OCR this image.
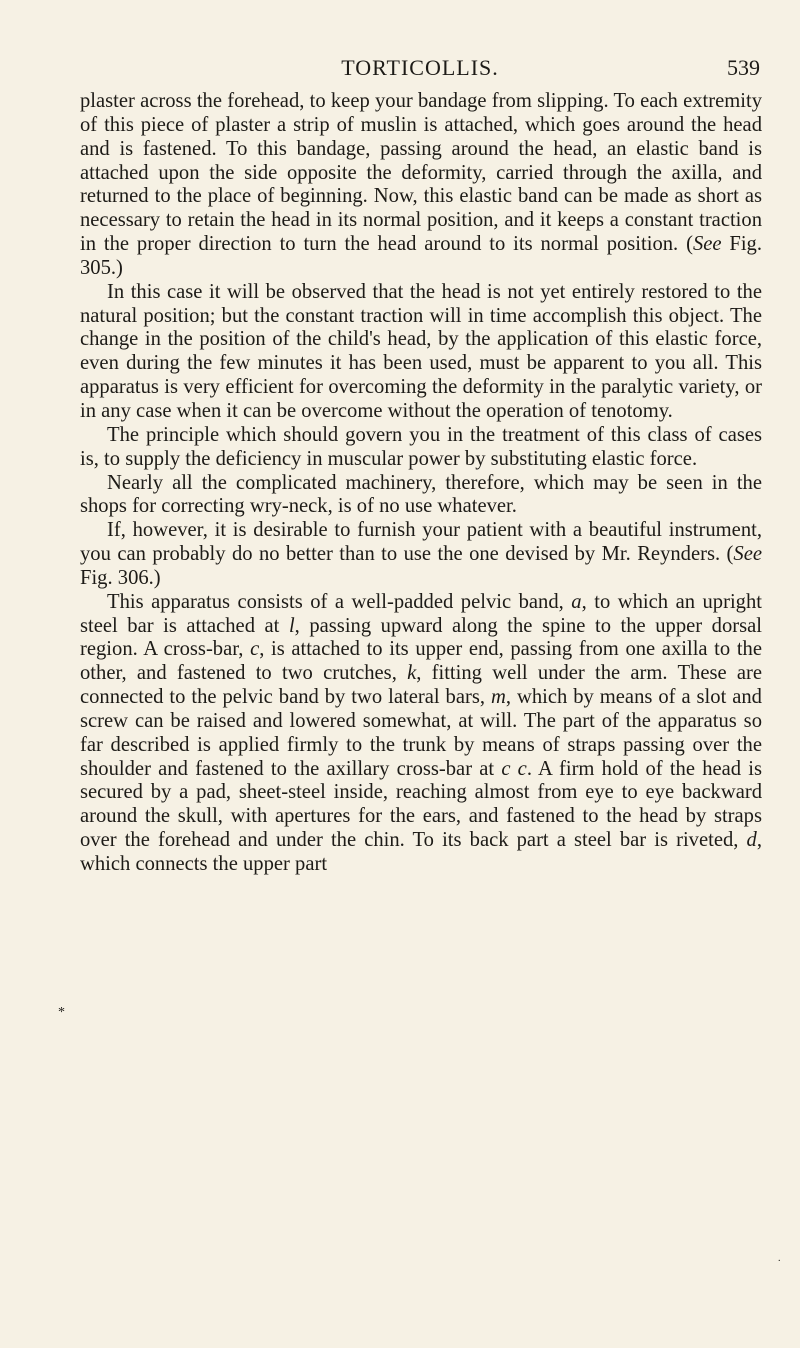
TORTICOLLIS.	539

plaster across the forehead, to keep your bandage from slipping. To each extremity of this piece of plaster a strip of muslin is attached, which goes around the head and is fastened. To this bandage, passing around the head, an elastic band is attached upon the side opposite the deformity, carried through the axilla, and returned to the place of beginning. Now, this elastic band can be made as short as necessary to retain the head in its normal position, and it keeps a constant traction in the proper direction to turn the head around to its normal position. (See Fig. 305.)

In this case it will be observed that the head is not yet entirely restored to the natural position; but the constant traction will in time accomplish this object. The change in the position of the child's head, by the application of this elastic force, even during the few minutes it has been used, must be apparent to you all. This apparatus is very efficient for overcoming the deformity in the paralytic variety, or in any case when it can be overcome without the operation of tenotomy.

The principle which should govern you in the treatment of this class of cases is, to supply the deficiency in muscular power by substituting elastic force.

Nearly all the complicated machinery, therefore, which may be seen in the shops for correcting wry-neck, is of no use whatever.

If, however, it is desirable to furnish your patient with a beautiful instrument, you can probably do no better than to use the one devised by Mr. Reynders. (See Fig. 306.)

This apparatus consists of a well-padded pelvic band, a, to which an upright steel bar is attached at l, passing upward along the spine to the upper dorsal region. A cross-bar, c, is attached to its upper end, passing from one axilla to the other, and fastened to two crutches, k, fitting well under the arm. These are connected to the pelvic band by two lateral bars, m, which by means of a slot and screw can be raised and lowered somewhat, at will. The part of the apparatus so far described is applied firmly to the trunk by means of straps passing over the shoulder and fastened to the axillary cross-bar at c c. A firm hold of the head is secured by a pad, sheet-steel inside, reaching almost from eye to eye backward around the skull, with apertures for the ears, and fastened to the head by straps over the forehead and under the chin. To its back part a steel bar is riveted, d, which connects the upper part

*
.
